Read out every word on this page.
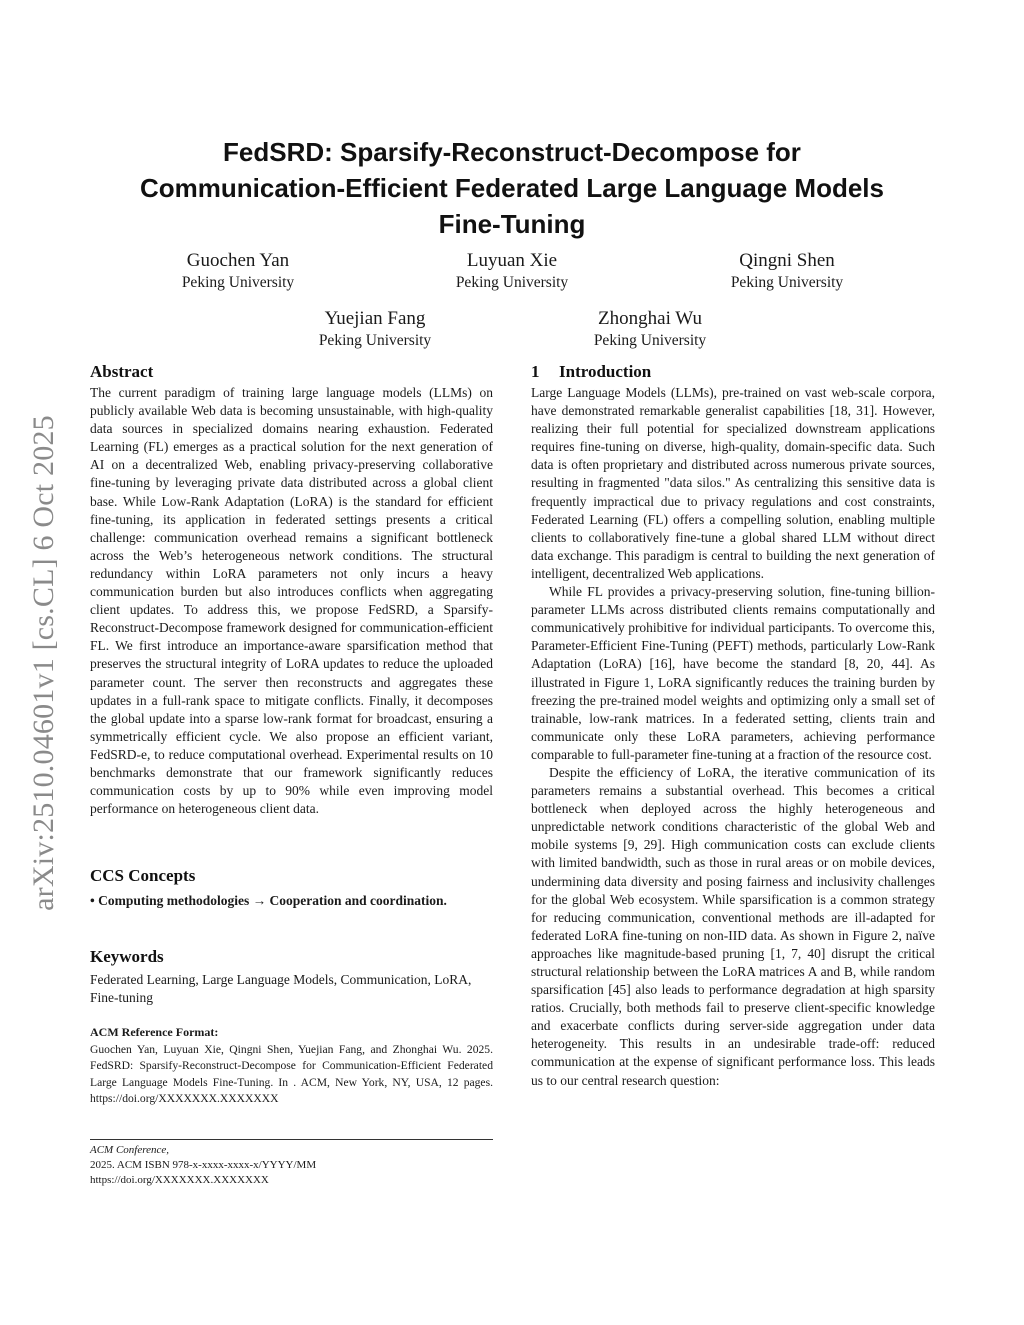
arXiv:2510.04601v1 [cs.CL] 6 Oct 2025
FedSRD: Sparsify-Reconstruct-Decompose for
Communication-Efficient Federated Large Language Models
Fine-Tuning
Guochen Yan
Peking University
Luyuan Xie
Peking University
Qingni Shen
Peking University
Yuejian Fang
Peking University
Zhonghai Wu
Peking University
Abstract

The current paradigm of training large language models (LLMs) on publicly available Web data is becoming unsustainable, with high-quality data sources in specialized domains nearing exhaustion. Federated Learning (FL) emerges as a practical solution for the next generation of AI on a decentralized Web, enabling privacy-preserving collaborative fine-tuning by leveraging private data distributed across a global client base. While Low-Rank Adaptation (LoRA) is the standard for efficient fine-tuning, its application in federated settings presents a critical challenge: communication overhead remains a significant bottleneck across the Web’s heterogeneous network conditions. The structural redundancy within LoRA parameters not only incurs a heavy communication burden but also introduces conflicts when aggregating client updates. To address this, we propose FedSRD, a Sparsify-Reconstruct-Decompose framework designed for communication-efficient FL. We first introduce an importance-aware sparsification method that preserves the structural integrity of LoRA updates to reduce the uploaded parameter count. The server then reconstructs and aggregates these updates in a full-rank space to mitigate conflicts. Finally, it decomposes the global update into a sparse low-rank format for broadcast, ensuring a symmetrically efficient cycle. We also propose an efficient variant, FedSRD-e, to reduce computational overhead. Experimental results on 10 benchmarks demonstrate that our framework significantly reduces communication costs by up to 90% while even improving model performance on heterogeneous client data.

CCS Concepts

• Computing methodologies → Cooperation and coordination.

Keywords

Federated Learning, Large Language Models, Communication, LoRA, Fine-tuning

ACM Reference Format:

Guochen Yan, Luyuan Xie, Qingni Shen, Yuejian Fang, and Zhonghai Wu. 2025. FedSRD: Sparsify-Reconstruct-Decompose for Communication-Efficient Federated Large Language Models Fine-Tuning. In . ACM, New York, NY, USA, 12 pages. https://doi.org/XXXXXXX.XXXXXXX

ACM Conference,
2025. ACM ISBN 978-x-xxxx-xxxx-x/YYYY/MM
https://doi.org/XXXXXXX.XXXXXXX
1 Introduction

Large Language Models (LLMs), pre-trained on vast web-scale corpora, have demonstrated remarkable generalist capabilities [18, 31]. However, realizing their full potential for specialized downstream applications requires fine-tuning on diverse, high-quality, domain-specific data. Such data is often proprietary and distributed across numerous private sources, resulting in fragmented "data silos." As centralizing this sensitive data is frequently impractical due to privacy regulations and cost constraints, Federated Learning (FL) offers a compelling solution, enabling multiple clients to collaboratively fine-tune a global shared LLM without direct data exchange. This paradigm is central to building the next generation of intelligent, decentralized Web applications.

While FL provides a privacy-preserving solution, fine-tuning billion-parameter LLMs across distributed clients remains computationally and communicatively prohibitive for individual participants. To overcome this, Parameter-Efficient Fine-Tuning (PEFT) methods, particularly Low-Rank Adaptation (LoRA) [16], have become the standard [8, 20, 44]. As illustrated in Figure 1, LoRA significantly reduces the training burden by freezing the pre-trained model weights and optimizing only a small set of trainable, low-rank matrices. In a federated setting, clients train and communicate only these LoRA parameters, achieving performance comparable to full-parameter fine-tuning at a fraction of the resource cost.

Despite the efficiency of LoRA, the iterative communication of its parameters remains a substantial overhead. This becomes a critical bottleneck when deployed across the highly heterogeneous and unpredictable network conditions characteristic of the global Web and mobile systems [9, 29]. High communication costs can exclude clients with limited bandwidth, such as those in rural areas or on mobile devices, undermining data diversity and posing fairness and inclusivity challenges for the global Web ecosystem. While sparsification is a common strategy for reducing communication, conventional methods are ill-adapted for federated LoRA fine-tuning on non-IID data. As shown in Figure 2, naïve approaches like magnitude-based pruning [1, 7, 40] disrupt the critical structural relationship between the LoRA matrices A and B, while random sparsification [45] also leads to performance degradation at high sparsity ratios. Crucially, both methods fail to preserve client-specific knowledge and exacerbate conflicts during server-side aggregation under data heterogeneity. This results in an undesirable trade-off: reduced communication at the expense of significant performance loss. This leads us to our central research question:
